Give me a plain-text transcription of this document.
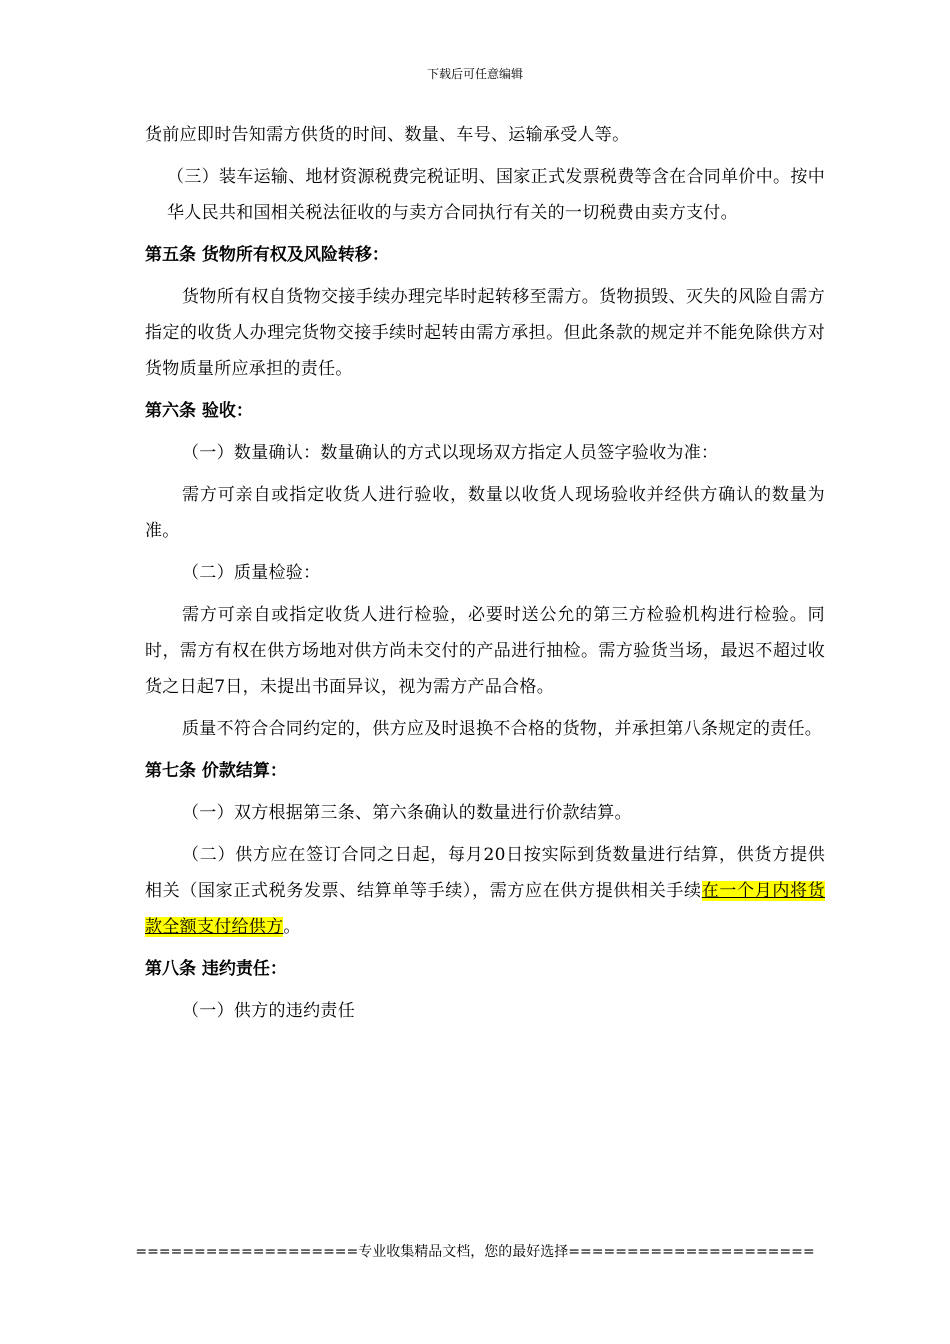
下载后可任意编辑

货前应即时告知需方供货的时间、数量、车号、运输承受人等。

（三）装车运输、地材资源税费完税证明、国家正式发票税费等含在合同单价中。按中华人民共和国相关税法征收的与卖方合同执行有关的一切税费由卖方支付。

第五条 货物所有权及风险转移：

货物所有权自货物交接手续办理完毕时起转移至需方。货物损毁、灭失的风险自需方指定的收货人办理完货物交接手续时起转由需方承担。但此条款的规定并不能免除供方对货物质量所应承担的责任。

第六条 验收：

（一）数量确认：数量确认的方式以现场双方指定人员签字验收为准：

需方可亲自或指定收货人进行验收，数量以收货人现场验收并经供方确认的数量为准。

（二）质量检验：

需方可亲自或指定收货人进行检验，必要时送公允的第三方检验机构进行检验。同时，需方有权在供方场地对供方尚未交付的产品进行抽检。需方验货当场，最迟不超过收货之日起7日，未提出书面异议，视为需方产品合格。

质量不符合合同约定的，供方应及时退换不合格的货物，并承担第八条规定的责任。

第七条 价款结算：

（一）双方根据第三条、第六条确认的数量进行价款结算。

（二）供方应在签订合同之日起，每月20日按实际到货数量进行结算，供货方提供相关（国家正式税务发票、结算单等手续），需方应在供方提供相关手续在一个月内将货款全额支付给供方。

第八条 违约责任：

（一）供方的违约责任

===================专业收集精品文档，您的最好选择=====================
